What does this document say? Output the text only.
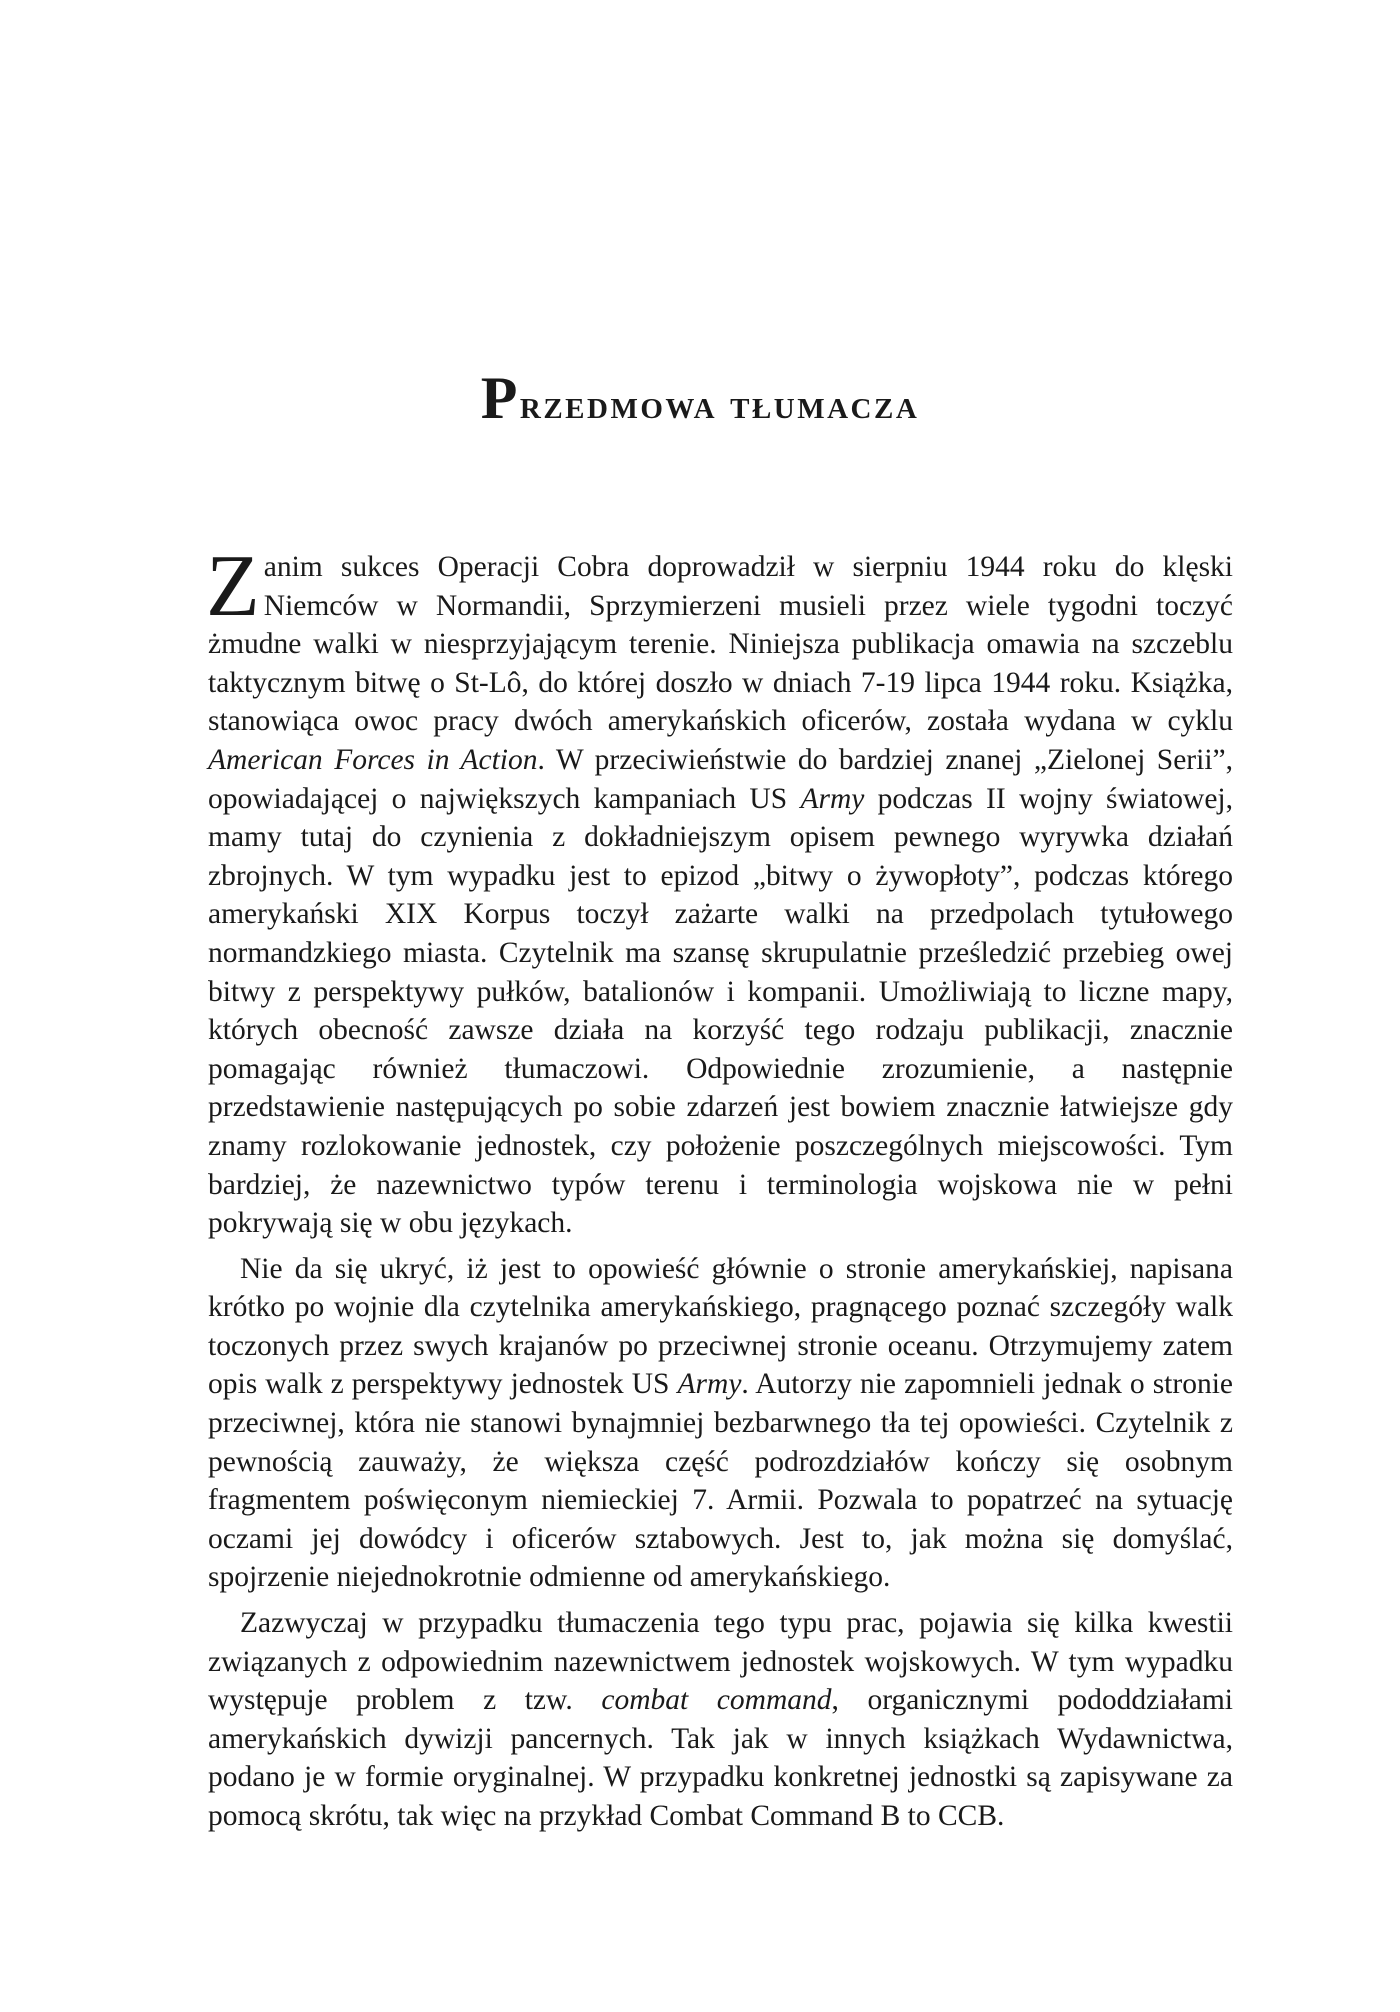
Przedmowa tłumacza

Zanim sukces Operacji Cobra doprowadził w sierpniu 1944 roku do klęski Niemców w Normandii, Sprzymierzeni musieli przez wiele tygodni toczyć żmudne walki w niesprzyjającym terenie. Niniejsza publikacja omawia na szczeblu taktycznym bitwę o St-Lô, do której doszło w dniach 7-19 lipca 1944 roku. Książka, stanowiąca owoc pracy dwóch amerykańskich oficerów, została wydana w cyklu American Forces in Action. W przeciwieństwie do bardziej znanej „Zielonej Serii”, opowiadającej o największych kampaniach US Army podczas II wojny światowej, mamy tutaj do czynienia z dokładniejszym opisem pewnego wyrywka działań zbrojnych. W tym wypadku jest to epizod „bitwy o żywopłoty”, podczas którego amerykański XIX Korpus toczył zażarte walki na przedpolach tytułowego normandzkiego miasta. Czytelnik ma szansę skrupulatnie prześledzić przebieg owej bitwy z perspektywy pułków, batalionów i kompanii. Umożliwiają to liczne mapy, których obecność zawsze działa na korzyść tego rodzaju publikacji, znacznie pomagając również tłumaczowi. Odpowiednie zrozumienie, a następnie przedstawienie następujących po sobie zdarzeń jest bowiem znacznie łatwiejsze gdy znamy rozlokowanie jednostek, czy położenie poszczególnych miejscowości. Tym bardziej, że nazewnictwo typów terenu i terminologia wojskowa nie w pełni pokrywają się w obu językach.

Nie da się ukryć, iż jest to opowieść głównie o stronie amerykańskiej, napisana krótko po wojnie dla czytelnika amerykańskiego, pragnącego poznać szczegóły walk toczonych przez swych krajanów po przeciwnej stronie oceanu. Otrzymujemy zatem opis walk z perspektywy jednostek US Army. Autorzy nie zapomnieli jednak o stronie przeciwnej, która nie stanowi bynajmniej bezbarwnego tła tej opowieści. Czytelnik z pewnością zauważy, że większa część podrozdziałów kończy się osobnym fragmentem poświęconym niemieckiej 7. Armii. Pozwala to popatrzeć na sytuację oczami jej dowódcy i oficerów sztabowych. Jest to, jak można się domyślać, spojrzenie niejednokrotnie odmienne od amerykańskiego.

Zazwyczaj w przypadku tłumaczenia tego typu prac, pojawia się kilka kwestii związanych z odpowiednim nazewnictwem jednostek wojskowych. W tym wypadku występuje problem z tzw. combat command, organicznymi pododdziałami amerykańskich dywizji pancernych. Tak jak w innych książkach Wydawnictwa, podano je w formie oryginalnej. W przypadku konkretnej jednostki są zapisywane za pomocą skrótu, tak więc na przykład Combat Command B to CCB.
